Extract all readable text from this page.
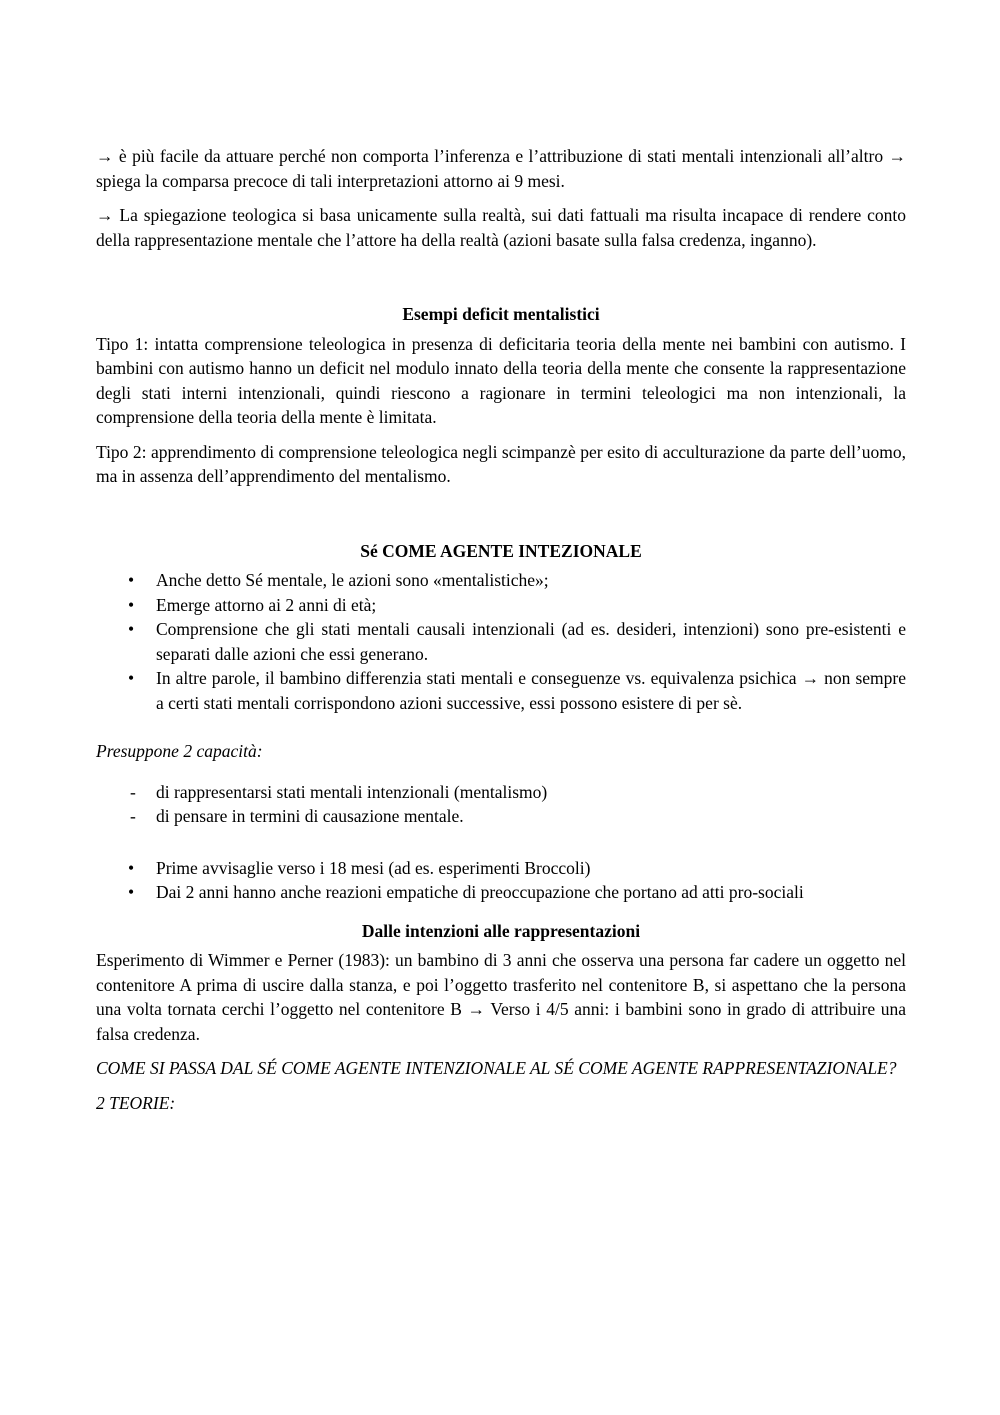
→ è più facile da attuare perché non comporta l’inferenza e l’attribuzione di stati mentali intenzionali all’altro → spiega la comparsa precoce di tali interpretazioni attorno ai 9 mesi.

→ La spiegazione teologica si basa unicamente sulla realtà, sui dati fattuali ma risulta incapace di rendere conto della rappresentazione mentale che l’attore ha della realtà (azioni basate sulla falsa credenza, inganno).

Esempi deficit mentalistici

Tipo 1: intatta comprensione teleologica in presenza di deficitaria teoria della mente nei bambini con autismo. I bambini con autismo hanno un deficit nel modulo innato della teoria della mente che consente la rappresentazione degli stati interni intenzionali, quindi riescono a ragionare in termini teleologici ma non intenzionali, la comprensione della teoria della mente è limitata.

Tipo 2: apprendimento di comprensione teleologica negli scimpanzè per esito di acculturazione da parte dell’uomo, ma in assenza dell’apprendimento del mentalismo.

Sé COME AGENTE INTEZIONALE
• Anche detto Sé mentale, le azioni sono «mentalistiche»;
• Emerge attorno ai 2 anni di età;
• Comprensione che gli stati mentali causali intenzionali (ad es. desideri, intenzioni) sono pre-esistenti e separati dalle azioni che essi generano.
• In altre parole, il bambino differenzia stati mentali e conseguenze vs. equivalenza psichica → non sempre a certi stati mentali corrispondono azioni successive, essi possono esistere di per sè.

Presuppone 2 capacità:

- di rappresentarsi stati mentali intenzionali (mentalismo)
- di pensare in termini di causazione mentale.
• Prime avvisaglie verso i 18 mesi (ad es. esperimenti Broccoli)
• Dai 2 anni hanno anche reazioni empatiche di preoccupazione che portano ad atti pro-sociali
Dalle intenzioni alle rappresentazioni

Esperimento di Wimmer e Perner (1983): un bambino di 3 anni che osserva una persona far cadere un oggetto nel contenitore A prima di uscire dalla stanza, e poi l’oggetto trasferito nel contenitore B, si aspettano che la persona una volta tornata cerchi l’oggetto nel contenitore B → Verso i 4/5 anni: i bambini sono in grado di attribuire una falsa credenza.

COME SI PASSA DAL SÉ COME AGENTE INTENZIONALE AL SÉ COME AGENTE RAPPRESENTAZIONALE?

2 TEORIE:
